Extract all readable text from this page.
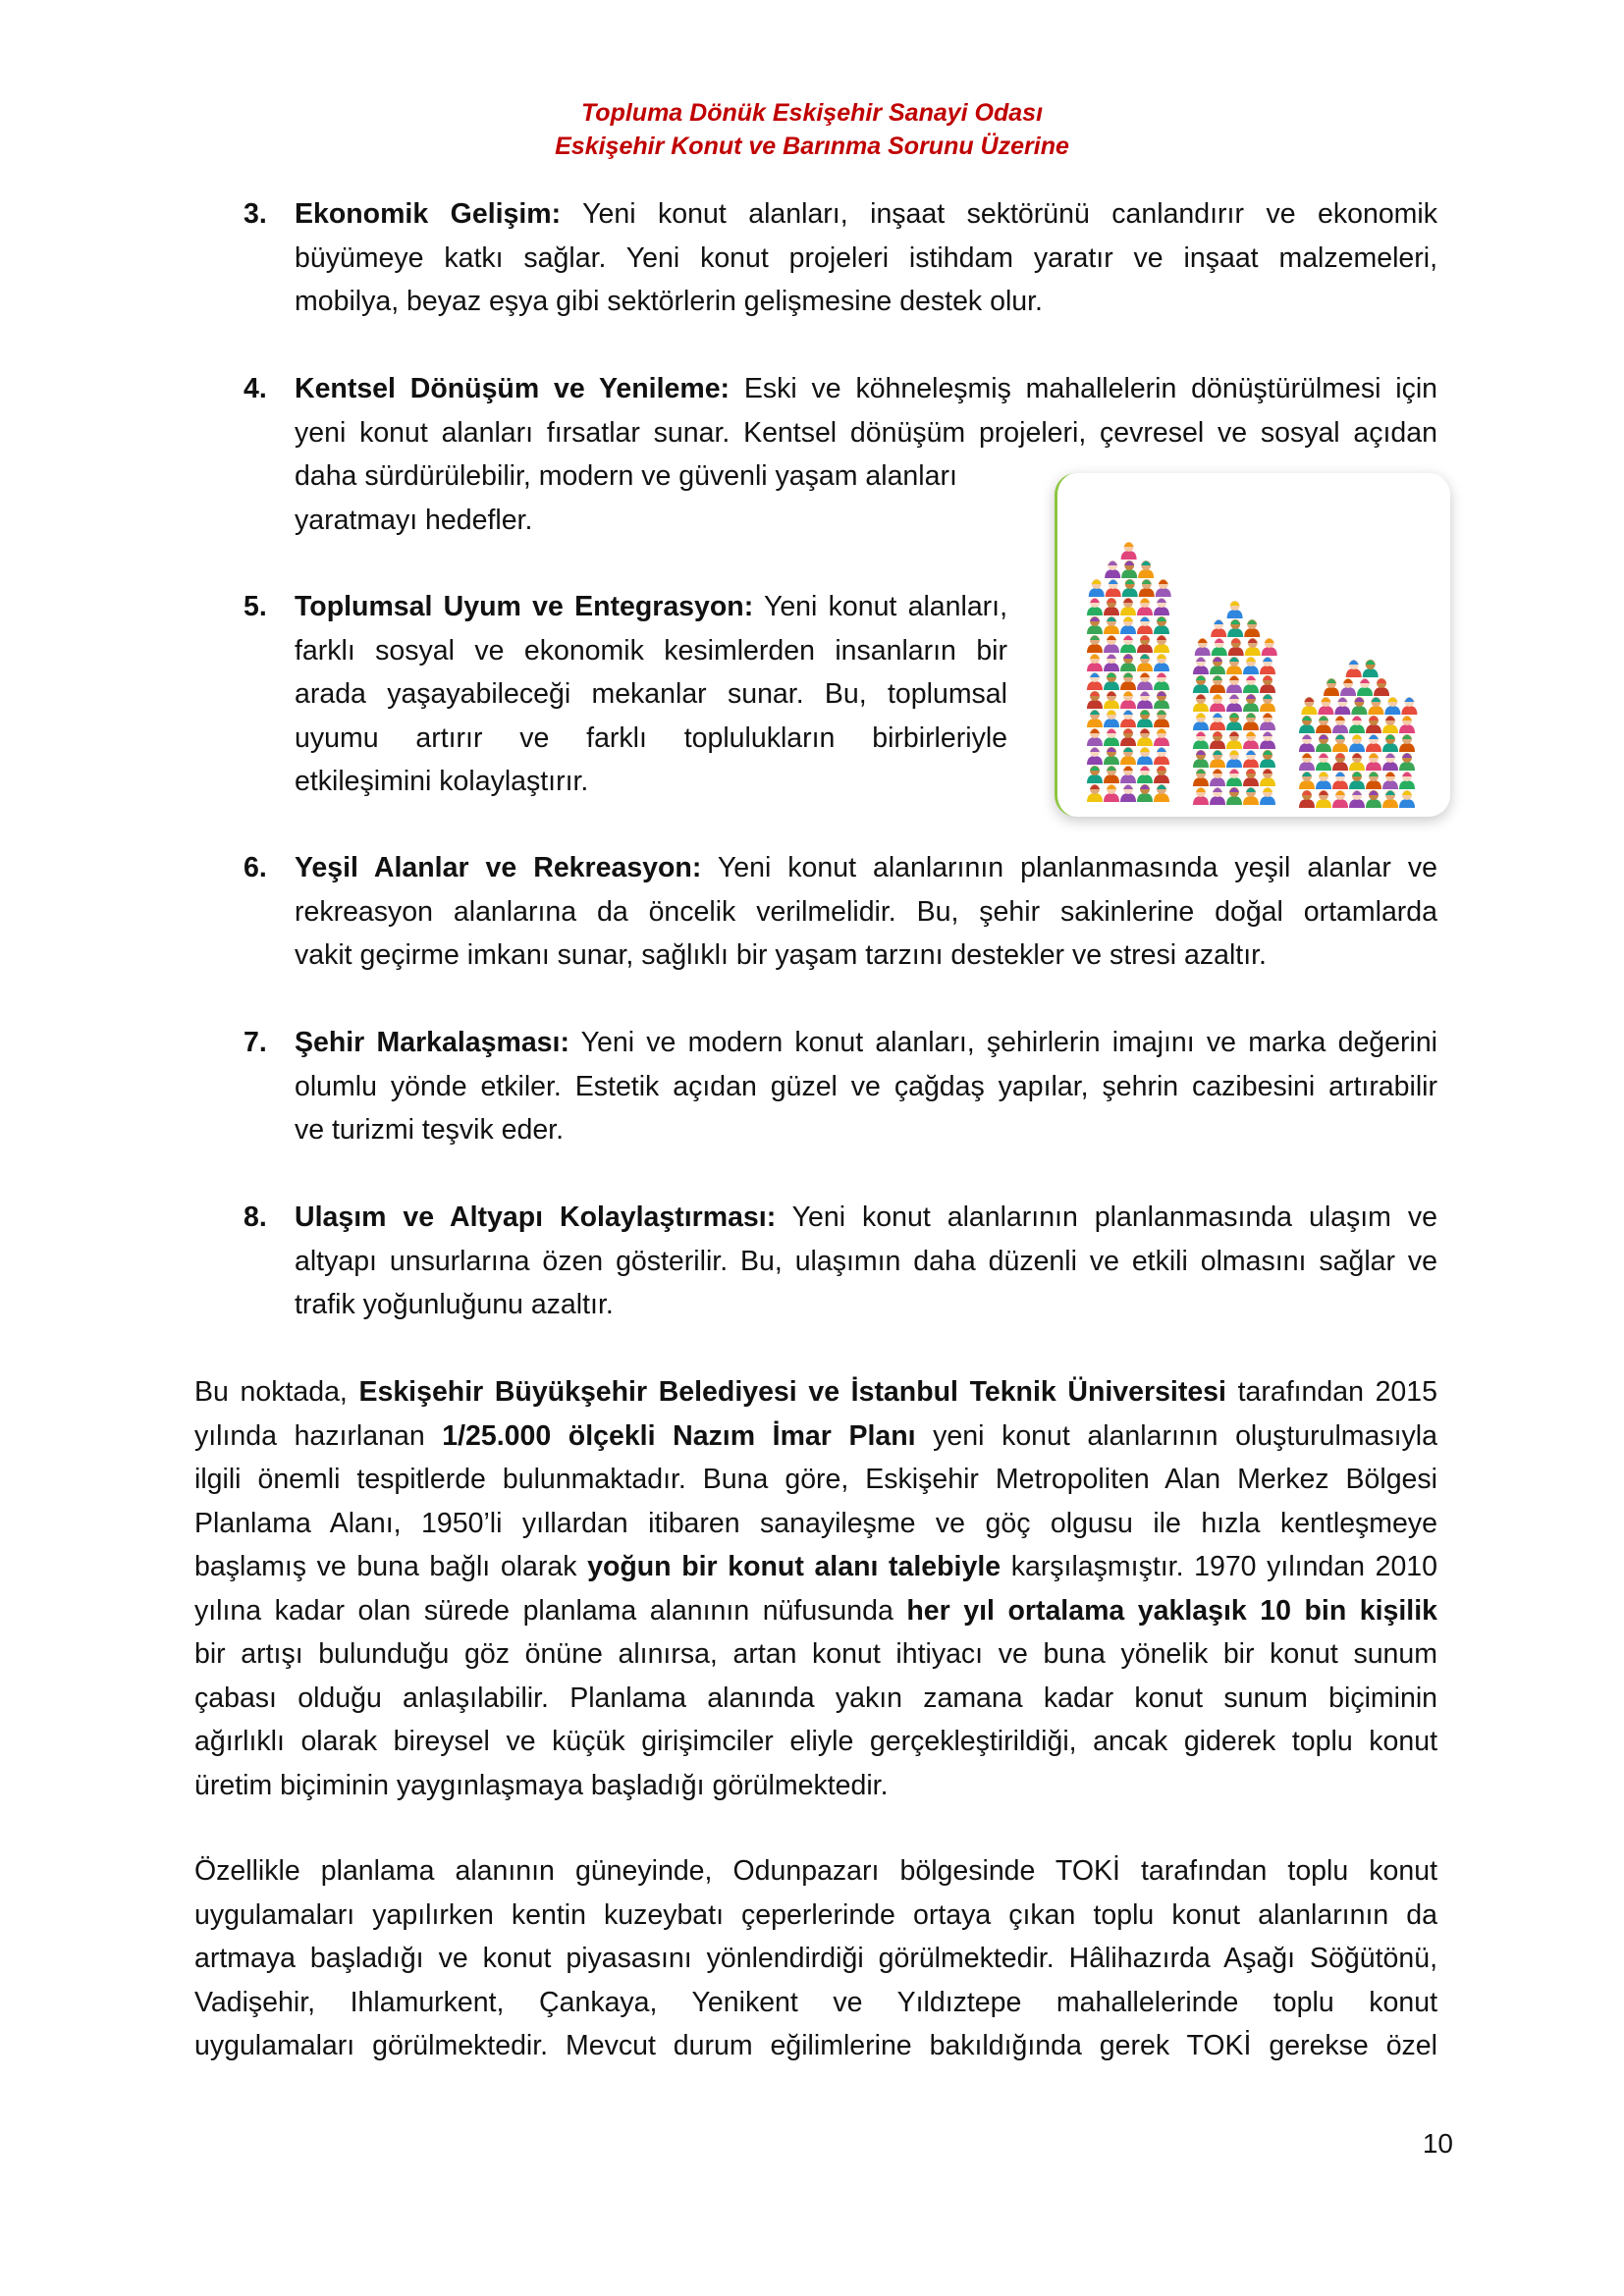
Topluma Dönük Eskişehir Sanayi Odası
Eskişehir Konut ve Barınma Sorunu Üzerine
3. Ekonomik Gelişim: Yeni konut alanları, inşaat sektörünü canlandırır ve ekonomik
büyümeye katkı sağlar. Yeni konut projeleri istihdam yaratır ve inşaat malzemeleri,
mobilya, beyaz eşya gibi sektörlerin gelişmesine destek olur.
4. Kentsel Dönüşüm ve Yenileme: Eski ve köhneleşmiş mahallelerin dönüştürülmesi için
yeni konut alanları fırsatlar sunar. Kentsel dönüşüm projeleri, çevresel ve sosyal açıdan
daha sürdürülebilir, modern ve güvenli yaşam alanları
yaratmayı hedefler.
5. Toplumsal Uyum ve Entegrasyon: Yeni konut alanları,
farklı sosyal ve ekonomik kesimlerden insanların bir
arada yaşayabileceği mekanlar sunar. Bu, toplumsal
uyumu artırır ve farklı toplulukların birbirleriyle
etkileşimini kolaylaştırır.
6. Yeşil Alanlar ve Rekreasyon: Yeni konut alanlarının planlanmasında yeşil alanlar ve
rekreasyon alanlarına da öncelik verilmelidir. Bu, şehir sakinlerine doğal ortamlarda
vakit geçirme imkanı sunar, sağlıklı bir yaşam tarzını destekler ve stresi azaltır.
7. Şehir Markalaşması: Yeni ve modern konut alanları, şehirlerin imajını ve marka değerini
olumlu yönde etkiler. Estetik açıdan güzel ve çağdaş yapılar, şehrin cazibesini artırabilir
ve turizmi teşvik eder.
8. Ulaşım ve Altyapı Kolaylaştırması: Yeni konut alanlarının planlanmasında ulaşım ve
altyapı unsurlarına özen gösterilir. Bu, ulaşımın daha düzenli ve etkili olmasını sağlar ve
trafik yoğunluğunu azaltır.
Bu noktada, Eskişehir Büyükşehir Belediyesi ve İstanbul Teknik Üniversitesi tarafından 2015
yılında hazırlanan 1/25.000 ölçekli Nazım İmar Planı yeni konut alanlarının oluşturulmasıyla
ilgili önemli tespitlerde bulunmaktadır. Buna göre, Eskişehir Metropoliten Alan Merkez Bölgesi
Planlama Alanı, 1950’li yıllardan itibaren sanayileşme ve göç olgusu ile hızla kentleşmeye
başlamış ve buna bağlı olarak yoğun bir konut alanı talebiyle karşılaşmıştır. 1970 yılından 2010
yılına kadar olan sürede planlama alanının nüfusunda her yıl ortalama yaklaşık 10 bin kişilik
bir artışı bulunduğu göz önüne alınırsa, artan konut ihtiyacı ve buna yönelik bir konut sunum
çabası olduğu anlaşılabilir. Planlama alanında yakın zamana kadar konut sunum biçiminin
ağırlıklı olarak bireysel ve küçük girişimciler eliyle gerçekleştirildiği, ancak giderek toplu konut
üretim biçiminin yaygınlaşmaya başladığı görülmektedir.
Özellikle planlama alanının güneyinde, Odunpazarı bölgesinde TOKİ tarafından toplu konut
uygulamaları yapılırken kentin kuzeybatı çeperlerinde ortaya çıkan toplu konut alanlarının da
artmaya başladığı ve konut piyasasını yönlendirdiği görülmektedir. Hâlihazırda Aşağı Söğütönü,
Vadişehir, Ihlamurkent, Çankaya, Yenikent ve Yıldıztepe mahallelerinde toplu konut
uygulamaları görülmektedir. Mevcut durum eğilimlerine bakıldığında gerek TOKİ gerekse özel
10
